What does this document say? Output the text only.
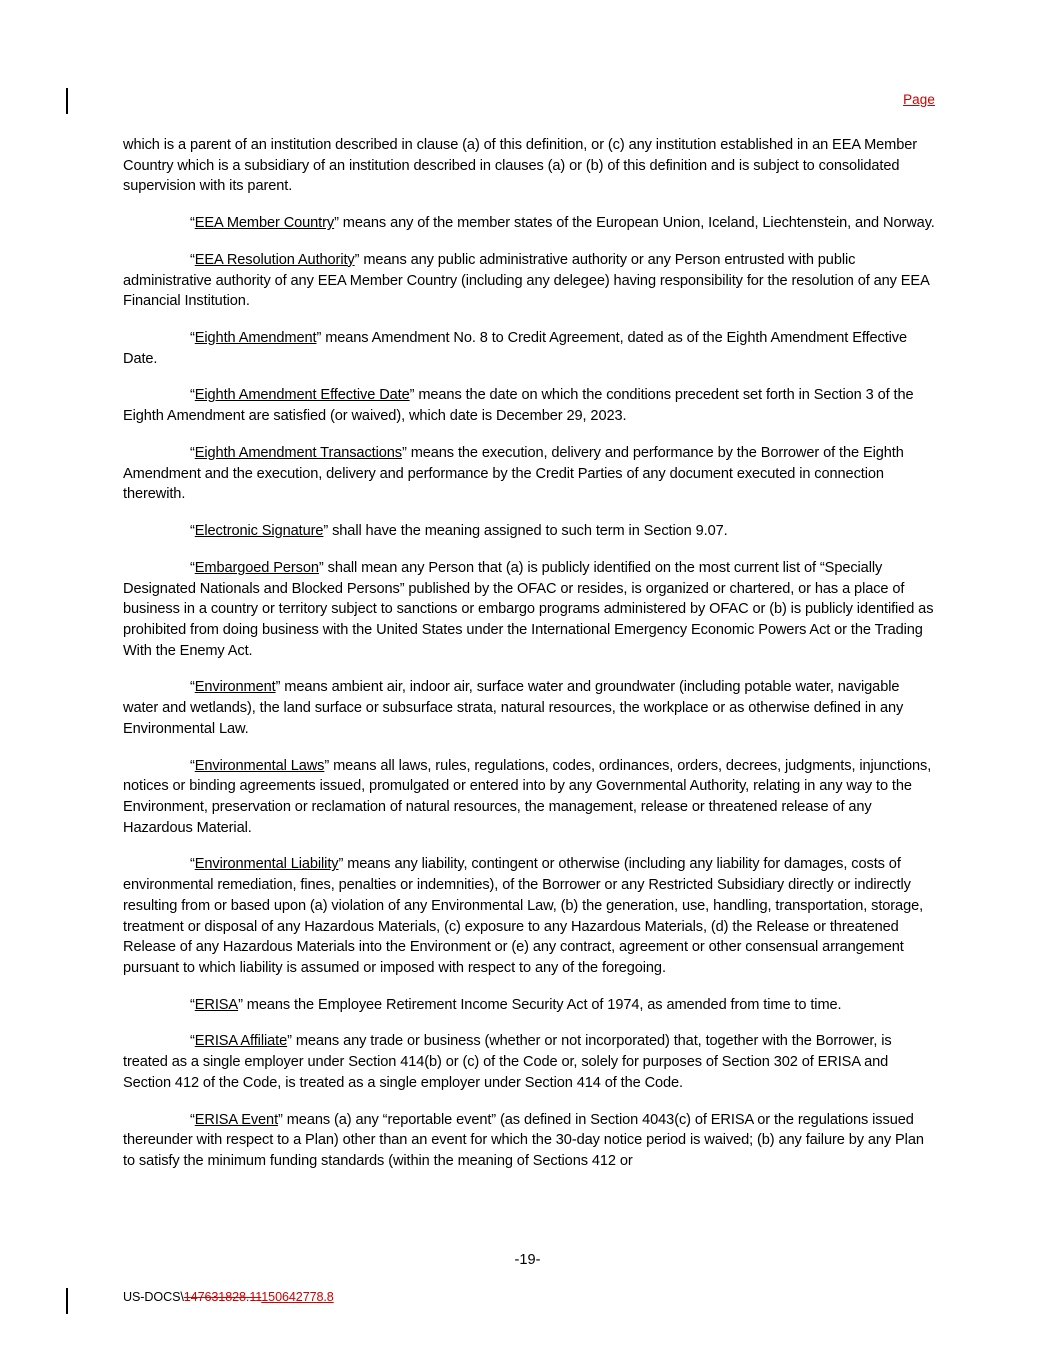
Page

which is a parent of an institution described in clause (a) of this definition, or (c) any institution established in an EEA Member Country which is a subsidiary of an institution described in clauses (a) or (b) of this definition and is subject to consolidated supervision with its parent.

“EEA Member Country” means any of the member states of the European Union, Iceland, Liechtenstein, and Norway.

“EEA Resolution Authority” means any public administrative authority or any Person entrusted with public administrative authority of any EEA Member Country (including any delegee) having responsibility for the resolution of any EEA Financial Institution.

“Eighth Amendment” means Amendment No. 8 to Credit Agreement, dated as of the Eighth Amendment Effective Date.

“Eighth Amendment Effective Date” means the date on which the conditions precedent set forth in Section 3 of the Eighth Amendment are satisfied (or waived), which date is December 29, 2023.

“Eighth Amendment Transactions” means the execution, delivery and performance by the Borrower of the Eighth Amendment and the execution, delivery and performance by the Credit Parties of any document executed in connection therewith.

“Electronic Signature” shall have the meaning assigned to such term in Section 9.07.

“Embargoed Person” shall mean any Person that (a) is publicly identified on the most current list of “Specially Designated Nationals and Blocked Persons” published by the OFAC or resides, is organized or chartered, or has a place of business in a country or territory subject to sanctions or embargo programs administered by OFAC or (b) is publicly identified as prohibited from doing business with the United States under the International Emergency Economic Powers Act or the Trading With the Enemy Act.

“Environment” means ambient air, indoor air, surface water and groundwater (including potable water, navigable water and wetlands), the land surface or subsurface strata, natural resources, the workplace or as otherwise defined in any Environmental Law.

“Environmental Laws” means all laws, rules, regulations, codes, ordinances, orders, decrees, judgments, injunctions, notices or binding agreements issued, promulgated or entered into by any Governmental Authority, relating in any way to the Environment, preservation or reclamation of natural resources, the management, release or threatened release of any Hazardous Material.

“Environmental Liability” means any liability, contingent or otherwise (including any liability for damages, costs of environmental remediation, fines, penalties or indemnities), of the Borrower or any Restricted Subsidiary directly or indirectly resulting from or based upon (a) violation of any Environmental Law, (b) the generation, use, handling, transportation, storage, treatment or disposal of any Hazardous Materials, (c) exposure to any Hazardous Materials, (d) the Release or threatened Release of any Hazardous Materials into the Environment or (e) any contract, agreement or other consensual arrangement pursuant to which liability is assumed or imposed with respect to any of the foregoing.

“ERISA” means the Employee Retirement Income Security Act of 1974, as amended from time to time.

“ERISA Affiliate” means any trade or business (whether or not incorporated) that, together with the Borrower, is treated as a single employer under Section 414(b) or (c) of the Code or, solely for purposes of Section 302 of ERISA and Section 412 of the Code, is treated as a single employer under Section 414 of the Code.

“ERISA Event” means (a) any “reportable event” (as defined in Section 4043(c) of ERISA or the regulations issued thereunder with respect to a Plan) other than an event for which the 30-day notice period is waived; (b) any failure by any Plan to satisfy the minimum funding standards (within the meaning of Sections 412 or

-19-
US-DOCS\147631828.11150642778.8
